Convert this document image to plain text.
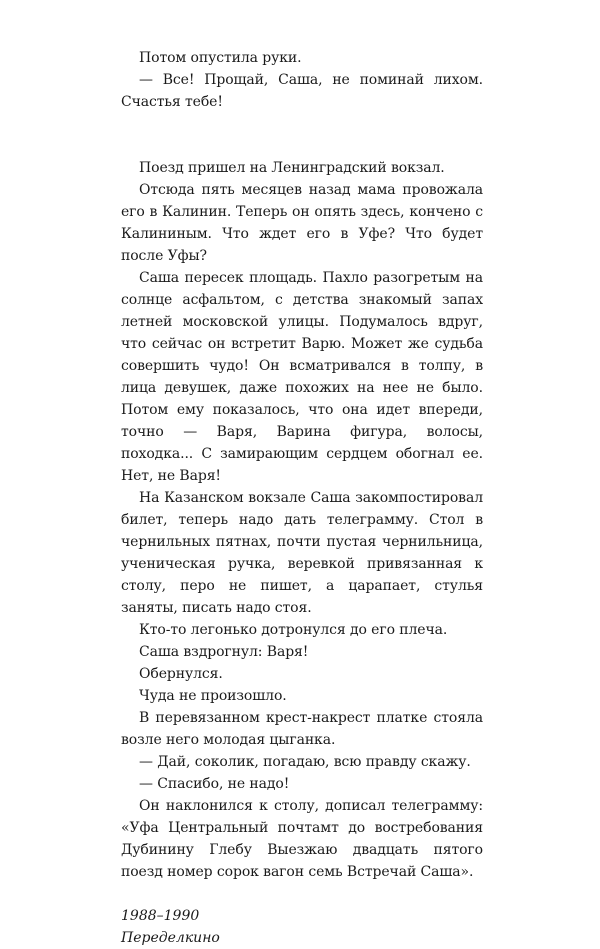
Потом опустила руки.

— Все! Прощай, Саша, не поминай лихом. Счастья тебе!

Поезд пришел на Ленинградский вокзал.

Отсюда пять месяцев назад мама провожала его в Калинин. Теперь он опять здесь, кончено с Калининым. Что ждет его в Уфе? Что будет после Уфы?

Саша пересек площадь. Пахло разогретым на солнце асфальтом, с детства знакомый запах летней московской улицы. Подумалось вдруг, что сейчас он встретит Варю. Может же судьба совершить чудо! Он всматривался в толпу, в лица девушек, даже похожих на нее не было. Потом ему показалось, что она идет впереди, точно — Варя, Варина фигура, волосы, походка... С замирающим сердцем обогнал ее. Нет, не Варя!

На Казанском вокзале Саша закомпостировал билет, теперь надо дать телеграмму. Стол в чернильных пятнах, почти пустая чернильница, ученическая ручка, веревкой привязанная к столу, перо не пишет, а царапает, стулья заняты, писать надо стоя.

Кто-то легонько дотронулся до его плеча.

Саша вздрогнул: Варя!

Обернулся.

Чуда не произошло.

В перевязанном крест-накрест платке стояла возле него молодая цыганка.

— Дай, соколик, погадаю, всю правду скажу.

— Спасибо, не надо!

Он наклонился к столу, дописал телеграмму: «Уфа Центральный почтамт до востребования Дубинину Глебу Выезжаю двадцать пятого поезд номер сорок вагон семь Встречай Саша».

1988–1990

Переделкино
